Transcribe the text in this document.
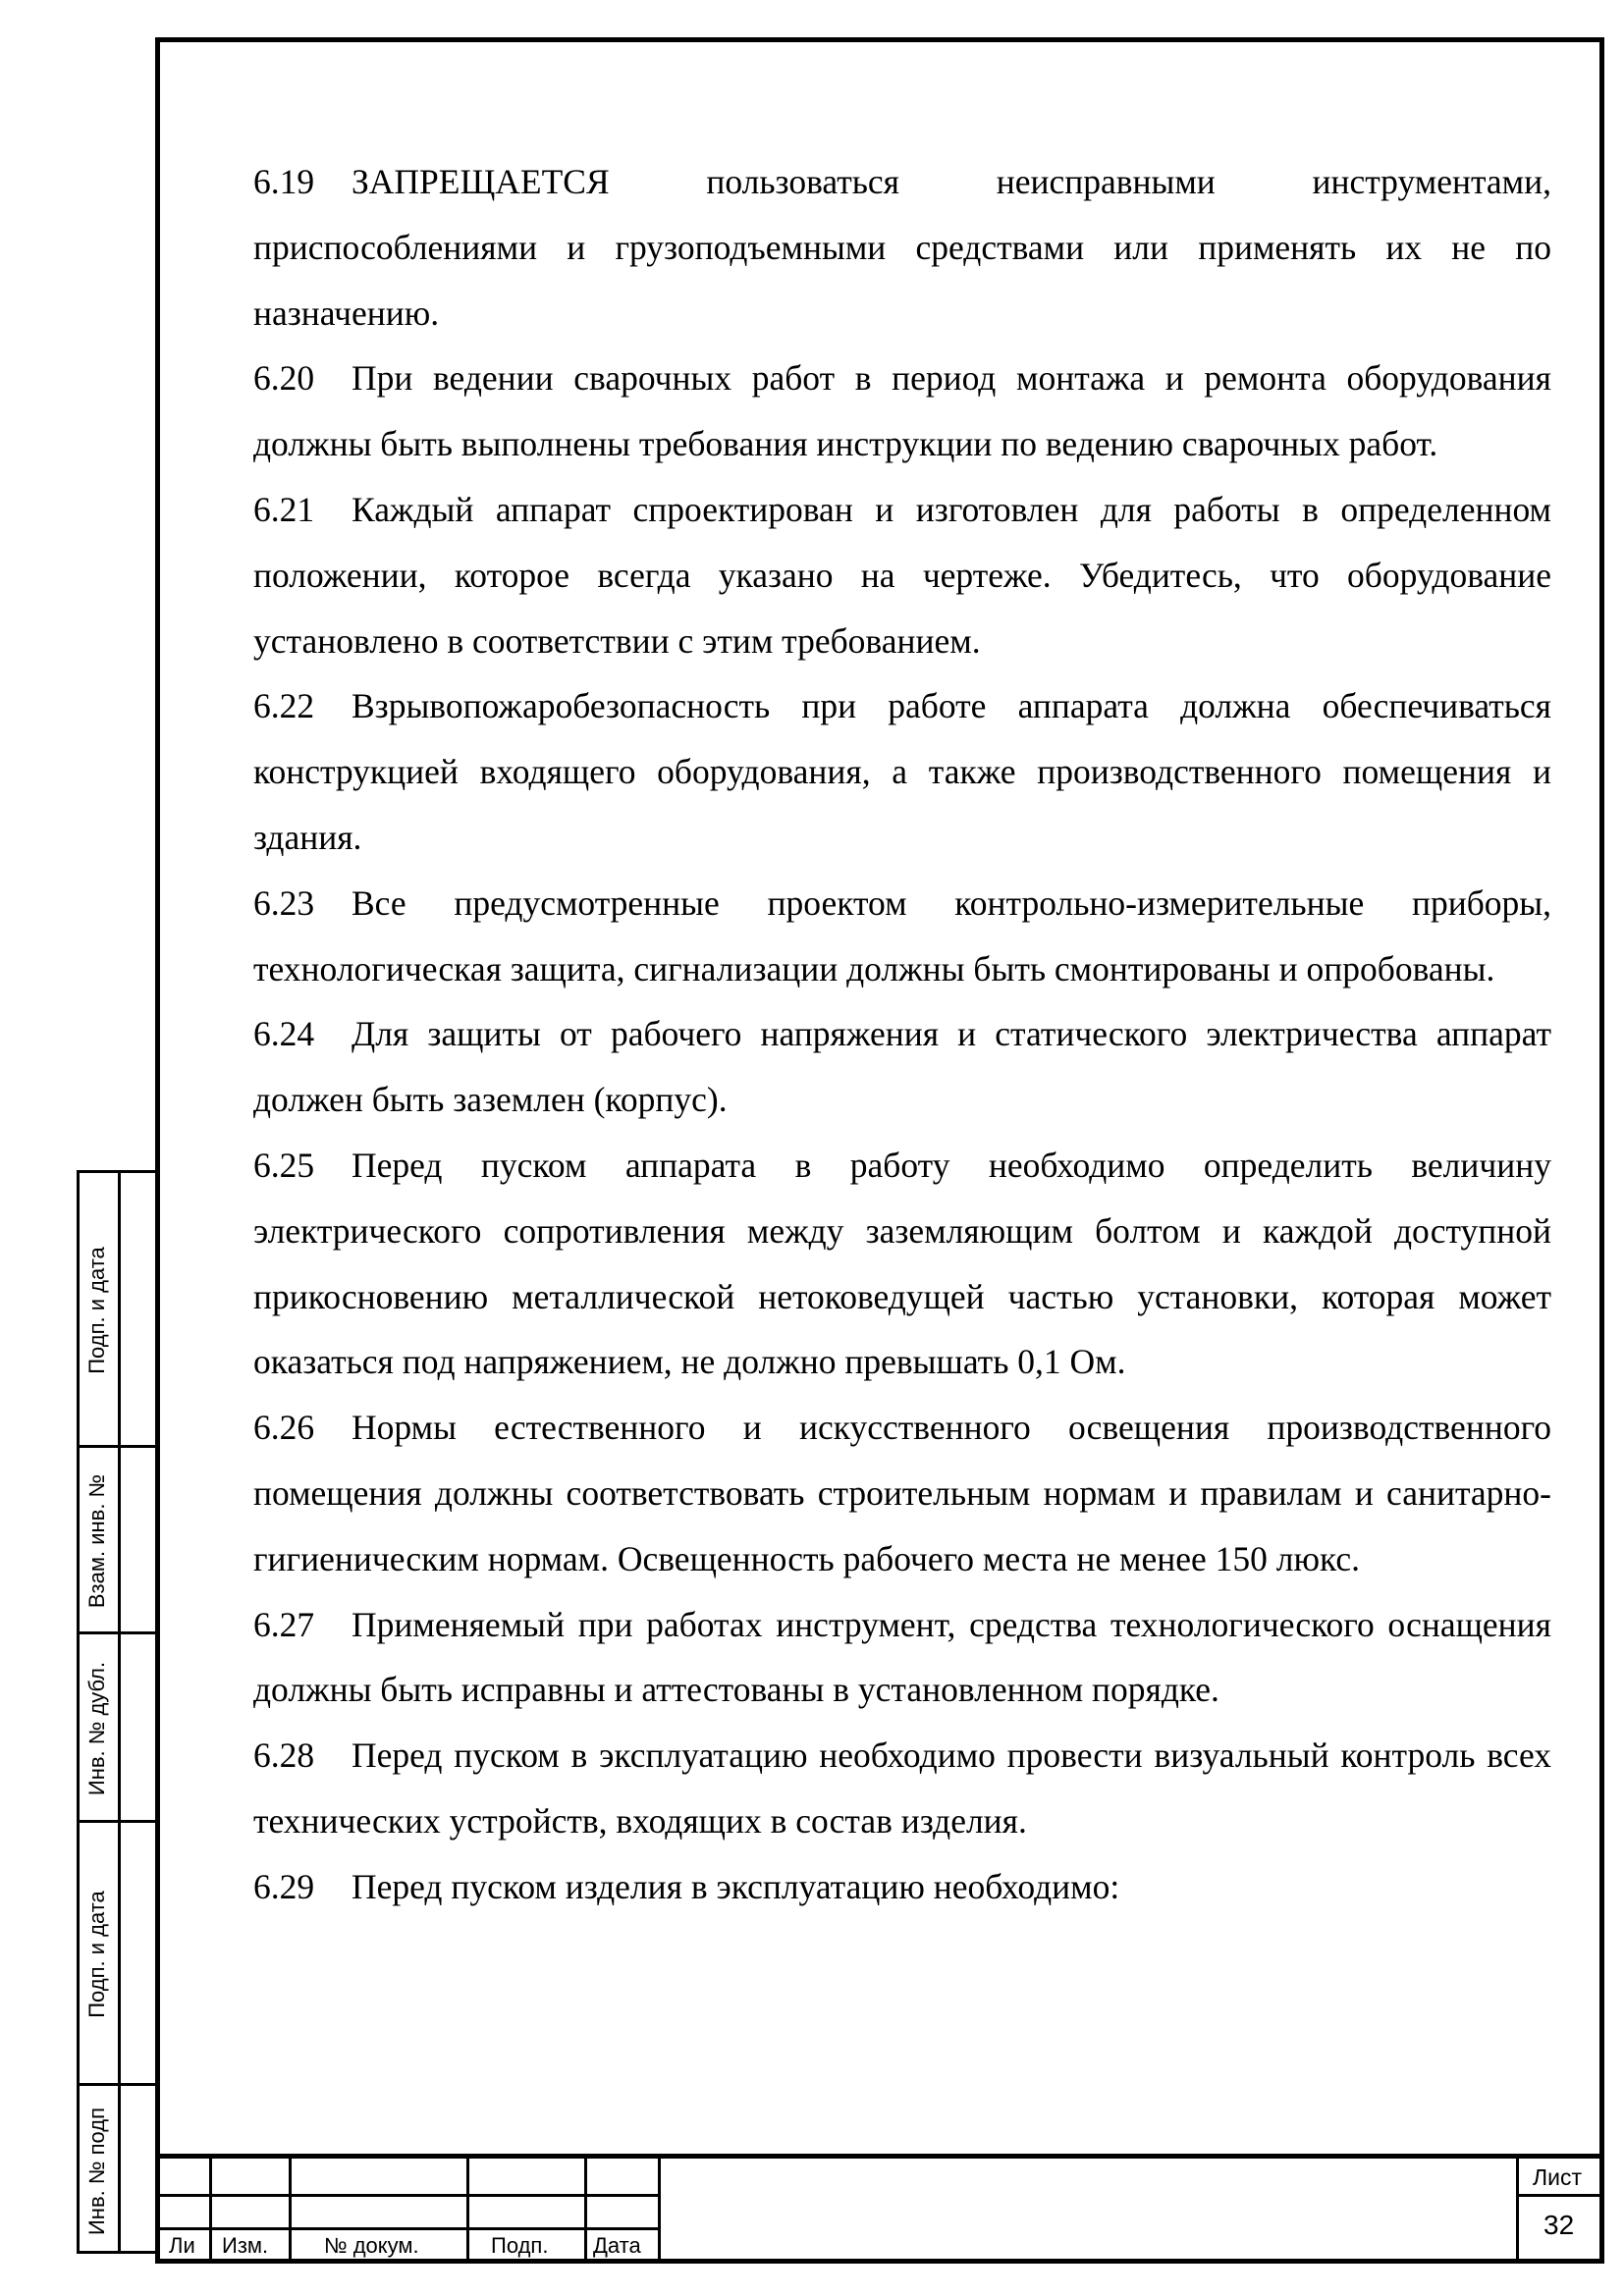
6.19 ЗАПРЕЩАЕТСЯ пользоваться неисправными инструментами, приспособлениями и грузоподъемными средствами или применять их не по назначению.

6.20 При ведении сварочных работ в период монтажа и ремонта оборудования должны быть выполнены требования инструкции по ведению сварочных работ.

6.21 Каждый аппарат спроектирован и изготовлен для работы в определенном положении, которое всегда указано на чертеже. Убедитесь, что оборудование установлено в соответствии с этим требованием.

6.22 Взрывопожаробезопасность при работе аппарата должна обеспечиваться конструкцией входящего оборудования, а также производственного помещения и здания.

6.23 Все предусмотренные проектом контрольно-измерительные приборы, технологическая защита, сигнализации должны быть смонтированы и опробованы.

6.24 Для защиты от рабочего напряжения и статического электричества аппарат должен быть заземлен (корпус).

6.25 Перед пуском аппарата в работу необходимо определить величину электрического сопротивления между заземляющим болтом и каждой доступной прикосновению металлической нетоковедущей частью установки, которая может оказаться под напряжением, не должно превышать 0,1 Ом.

6.26 Нормы естественного и искусственного освещения производственного помещения должны соответствовать строительным нормам и правилам и санитарно-гигиеническим нормам. Освещенность рабочего места не менее 150 люкс.

6.27 Применяемый при работах инструмент, средства технологического оснащения должны быть исправны и аттестованы в установленном порядке.

6.28 Перед пуском в эксплуатацию необходимо провести визуальный контроль всех технических устройств, входящих в состав изделия.

6.29 Перед пуском изделия в эксплуатацию необходимо:

Подп. и дата
Взам. инв. №
Инв. № дубл.
Подп. и дата
Инв. № подп
Ли Изм.	№ докум.	Подп. Дата
Лист
32
